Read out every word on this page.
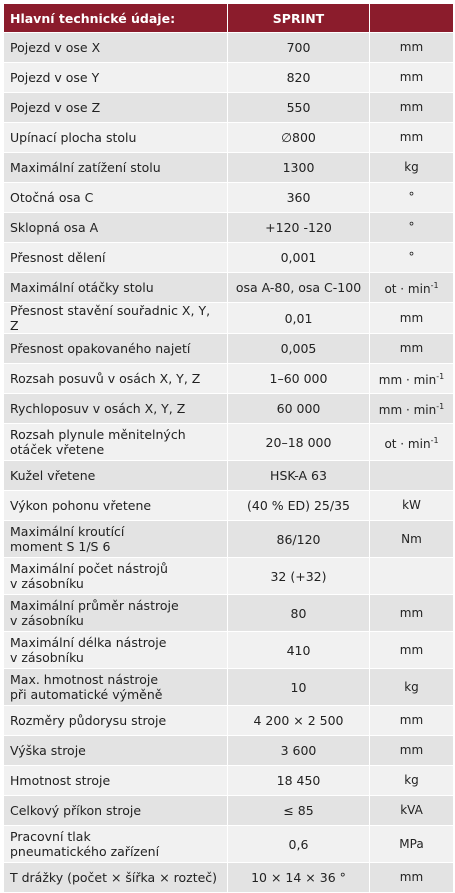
Hlavní technické údaje:	SPRINT	
Pojezd v ose X	700	mm
Pojezd v ose Y	820	mm
Pojezd v ose Z	550	mm
Upínací plocha stolu	∅800	mm
Maximální zatížení stolu	1300	kg
Otočná osa C	360	°
Sklopná osa A	+120 -120	°
Přesnost dělení	0,001	°
Maximální otáčky stolu	osa A-80, osa C-100	ot · $\min^{-1}$
Přesnost stavění souřadnic X, Y, Z	0,01	mm
Přesnost opakovaného najetí	0,005	mm
Rozsah posuvů v osách X, Y, Z	1–60 000	mm · $\min^{-1}$
Rychloposuv v osách X, Y, Z	60 000	mm · $\min^{-1}$
Rozsah plynule měnitelných
otáček vřetene	20–18 000	ot · $\min^{-1}$
Kužel vřetene	HSK-A 63	
Výkon pohonu vřetene	(40 % ED) 25/35	kW
Maximální kroutící
moment S 1/S 6	86/120	Nm
Maximální počet nástrojů
v zásobníku	32 (+32)	
Maximální průměr nástroje
v zásobníku	80	mm
Maximální délka nástroje
v zásobníku	410	mm
Max. hmotnost nástroje
při automatické výměně	10	kg
Rozměry půdorysu stroje	4 200 × 2 500	mm
Výška stroje	3 600	mm
Hmotnost stroje	18 450	kg
Celkový příkon stroje	≤ 85	kVA
Pracovní tlak
pneumatického zařízení	0,6	MPa
T drážky (počet × šířka × rozteč)	10 × 14 × 36 °	mm
